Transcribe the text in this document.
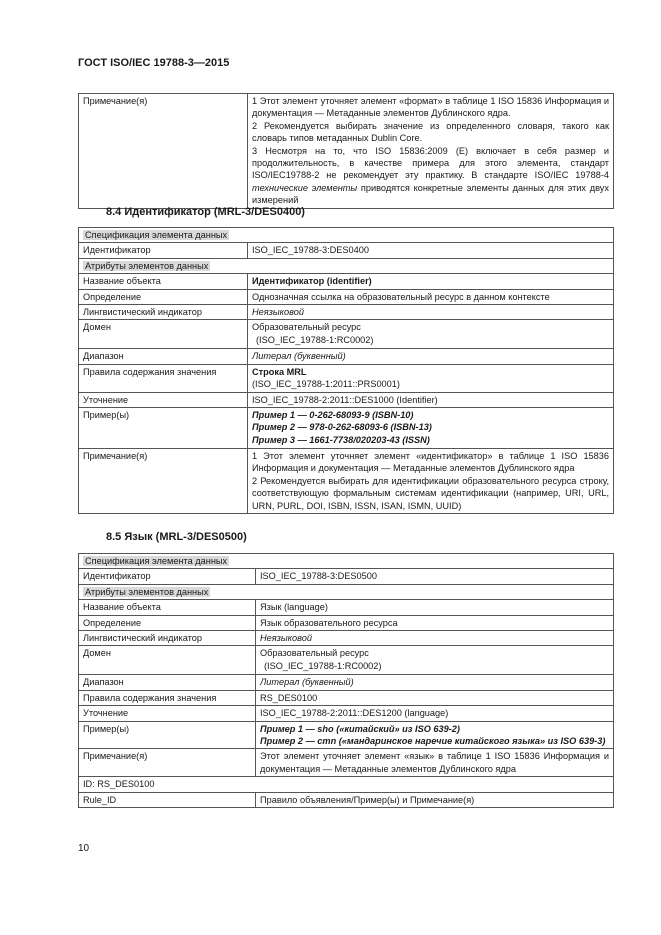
ГОСТ ISO/IEC 19788-3—2015
Примечание(я)	1 Этот элемент уточняет элемент «формат» в таблице 1 ISO 15836 Информация и документация — Метаданные элементов Дублинского ядра.
2 Рекомендуется выбирать значение из определенного словаря, такого как словарь типов метаданных Dublin Core.
3 Несмотря на то, что ISO 15836:2009 (Е) включает в себя размер и продолжительность, в качестве примера для этого элемента, стандарт ISO/IEC19788-2 не рекомендует эту практику. В стандарте ISO/IEC 19788-4 технические элементы приводятся конкретные элементы данных для этих двух измерений
8.4 Идентификатор (MRL-3/DES0400)
Спецификация элемента данных	
Идентификатор	ISO_IEC_19788-3:DES0400
Атрибуты элементов данных	
Название объекта	Идентификатор (identifier)
Определение	Однозначная ссылка на образовательный ресурс в данном контексте
Лингвистический индикатор	Неязыковой
Домен	Образовательный ресурс
(ISO_IEC_19788-1:RC0002)

Диапазон	Литерал (буквенный)
Правила содержания значения	Строка MRL
(ISO_IEC_19788-1:2011::PRS0001)

Уточнение	ISO_IEC_19788-2:2011::DES1000 (Identifier)
Пример(ы)	Пример 1 — 0-262-68093-9 (ISBN-10)
Пример 2 — 978-0-262-68093-6 (ISBN-13)
Пример 3 — 1661-7738/020203-43 (ISSN)

Примечание(я)	1 Этот элемент уточняет элемент «идентификатор» в таблице 1 ISO 15836 Информация и документация — Метаданные элементов Дублинского ядра
2 Рекомендуется выбирать для идентификации образовательного ресурса строку, соответствующую формальным системам идентификации (например, URI, URL, URN, PURL, DOI, ISBN, ISSN, ISAN, ISMN, UUID)
8.5 Язык (MRL-3/DES0500)
Спецификация элемента данных	
Идентификатор	ISO_IEC_19788-3:DES0500
Атрибуты элементов данных	
Название объекта	Язык (language)
Определение	Язык образовательного ресурса
Лингвистический индикатор	Неязыковой
Домен	Образовательный ресурс
(ISO_IEC_19788-1:RC0002)

Диапазон	Литерал (буквенный)
Правила содержания значения	RS_DES0100
Уточнение	ISO_IEC_19788-2:2011::DES1200 (language)
Пример(ы)	Пример 1 — sho («китайский» из ISO 639-2)
Пример 2 — cmn («мандаринское наречие китайского языка» из ISO 639-3)

Примечание(я)	Этот элемент уточняет элемент «язык» в таблице 1 ISO 15836 Информация и документация — Метаданные элементов Дублинского ядра
ID: RS_DES0100	
Rule_ID	Правило объявления/Пример(ы) и Примечание(я)
10
